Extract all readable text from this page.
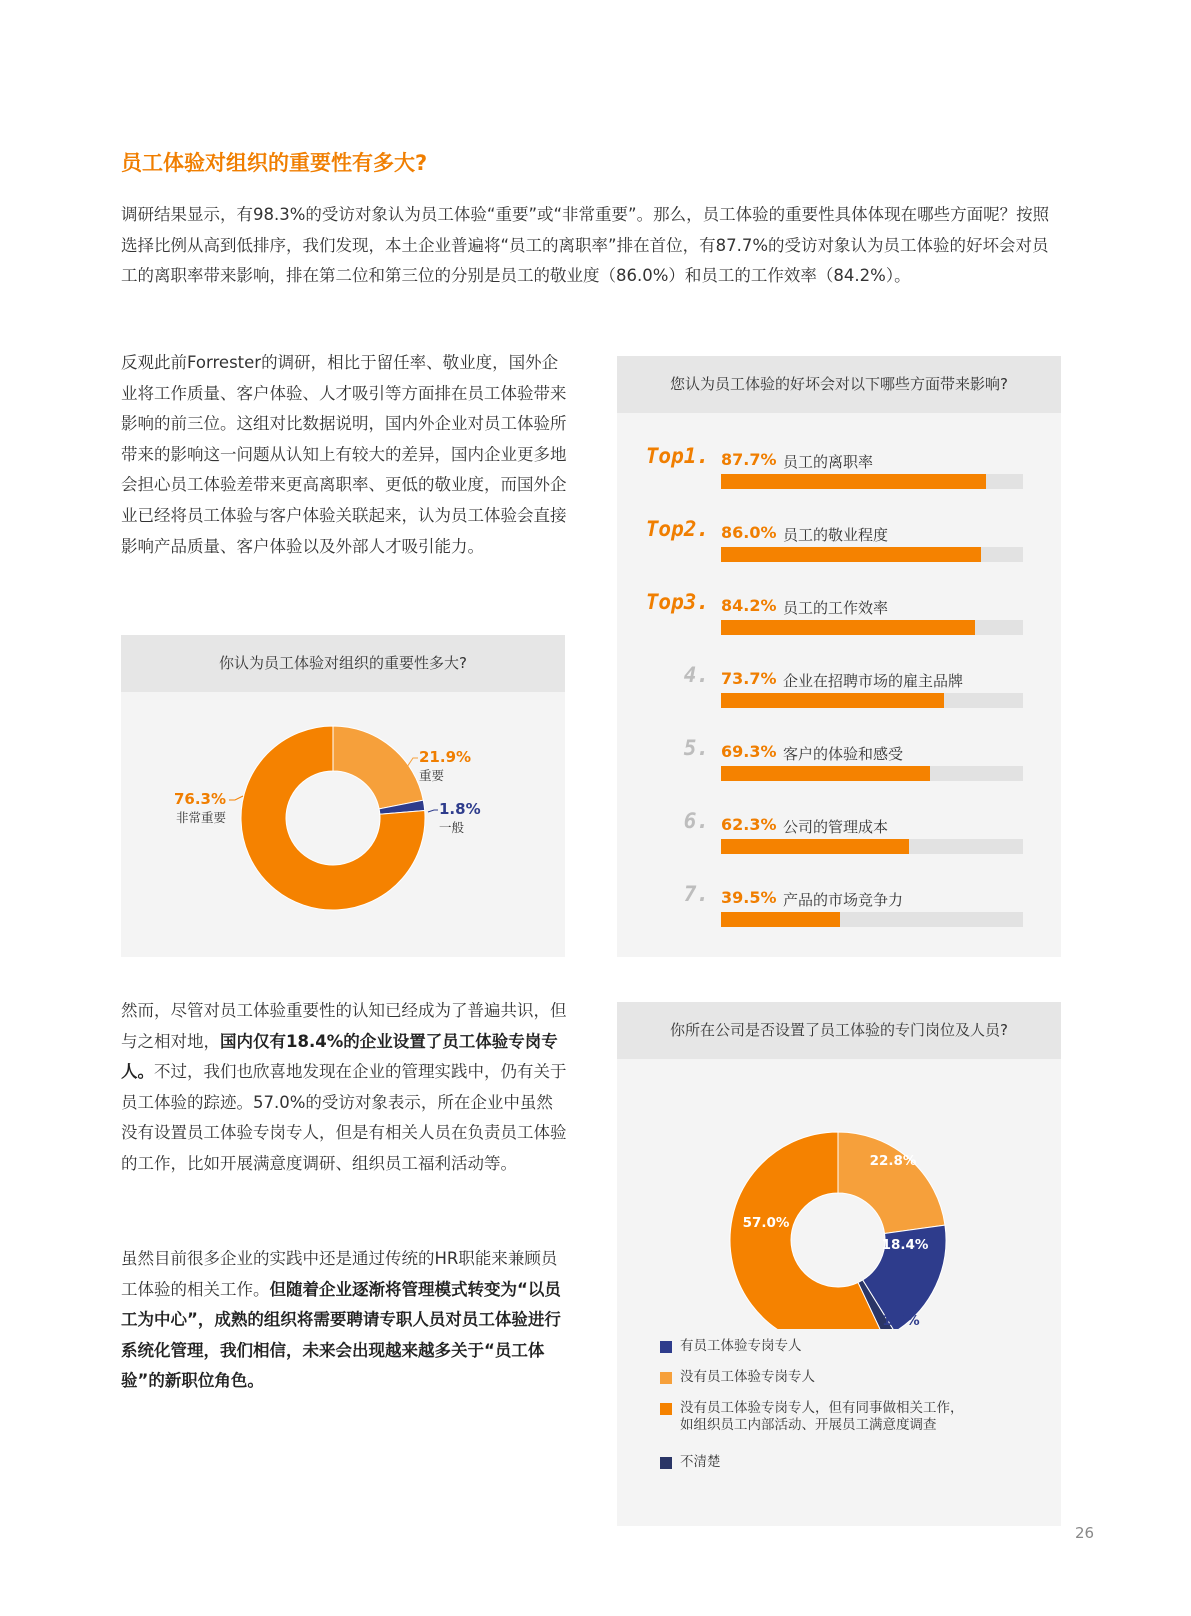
员工体验对组织的重要性有多大?

调研结果显示，有98.3%的受访对象认为员工体验“重要”或“非常重要”。那么，员工体验的重要性具体体现在哪些方面呢？按照选择比例从高到低排序，我们发现，本土企业普遍将“员工的离职率”排在首位，有87.7%的受访对象认为员工体验的好坏会对员工的离职率带来影响，排在第二位和第三位的分别是员工的敬业度（86.0%）和员工的工作效率（84.2%）。

反观此前Forrester的调研，相比于留任率、敬业度，国外企业将工作质量、客户体验、人才吸引等方面排在员工体验带来影响的前三位。这组对比数据说明，国内外企业对员工体验所带来的影响这一问题从认知上有较大的差异，国内企业更多地会担心员工体验差带来更高离职率、更低的敬业度，而国外企业已经将员工体验与客户体验关联起来，认为员工体验会直接影响产品质量、客户体验以及外部人才吸引能力。

然而，尽管对员工体验重要性的认知已经成为了普遍共识，但与之相对地，国内仅有18.4%的企业设置了员工体验专岗专人。不过，我们也欣喜地发现在企业的管理实践中，仍有关于员工体验的踪迹。57.0%的受访对象表示，所在企业中虽然没有设置员工体验专岗专人，但是有相关人员在负责员工体验的工作，比如开展满意度调研、组织员工福利活动等。

虽然目前很多企业的实践中还是通过传统的HR职能来兼顾员工体验的相关工作。但随着企业逐渐将管理模式转变为“以员工为中心”，成熟的组织将需要聘请专职人员对员工体验进行系统化管理，我们相信，未来会出现越来越多关于“员工体验”的新职位角色。

你认为员工体验对组织的重要性多大?
21.9%
重要
1.8%
一般
76.3%
非常重要
您认为员工体验的好坏会对以下哪些方面带来影响?
Top1. 87.7% 员工的离职率
Top2. 86.0% 员工的敬业程度
Top3. 84.2% 员工的工作效率
4. 73.7% 企业在招聘市场的雇主品牌
5. 69.3% 客户的体验和感受
6. 62.3% 公司的管理成本
7. 39.5% 产品的市场竞争力
你所在公司是否设置了员工体验的专门岗位及人员?
22.8%
18.4%
1.8%
57.0%
有员工体验专岗专人
没有员工体验专岗专人
没有员工体验专岗专人，但有同事做相关工作，
如组织员工内部活动、开展员工满意度调查
不清楚
26
